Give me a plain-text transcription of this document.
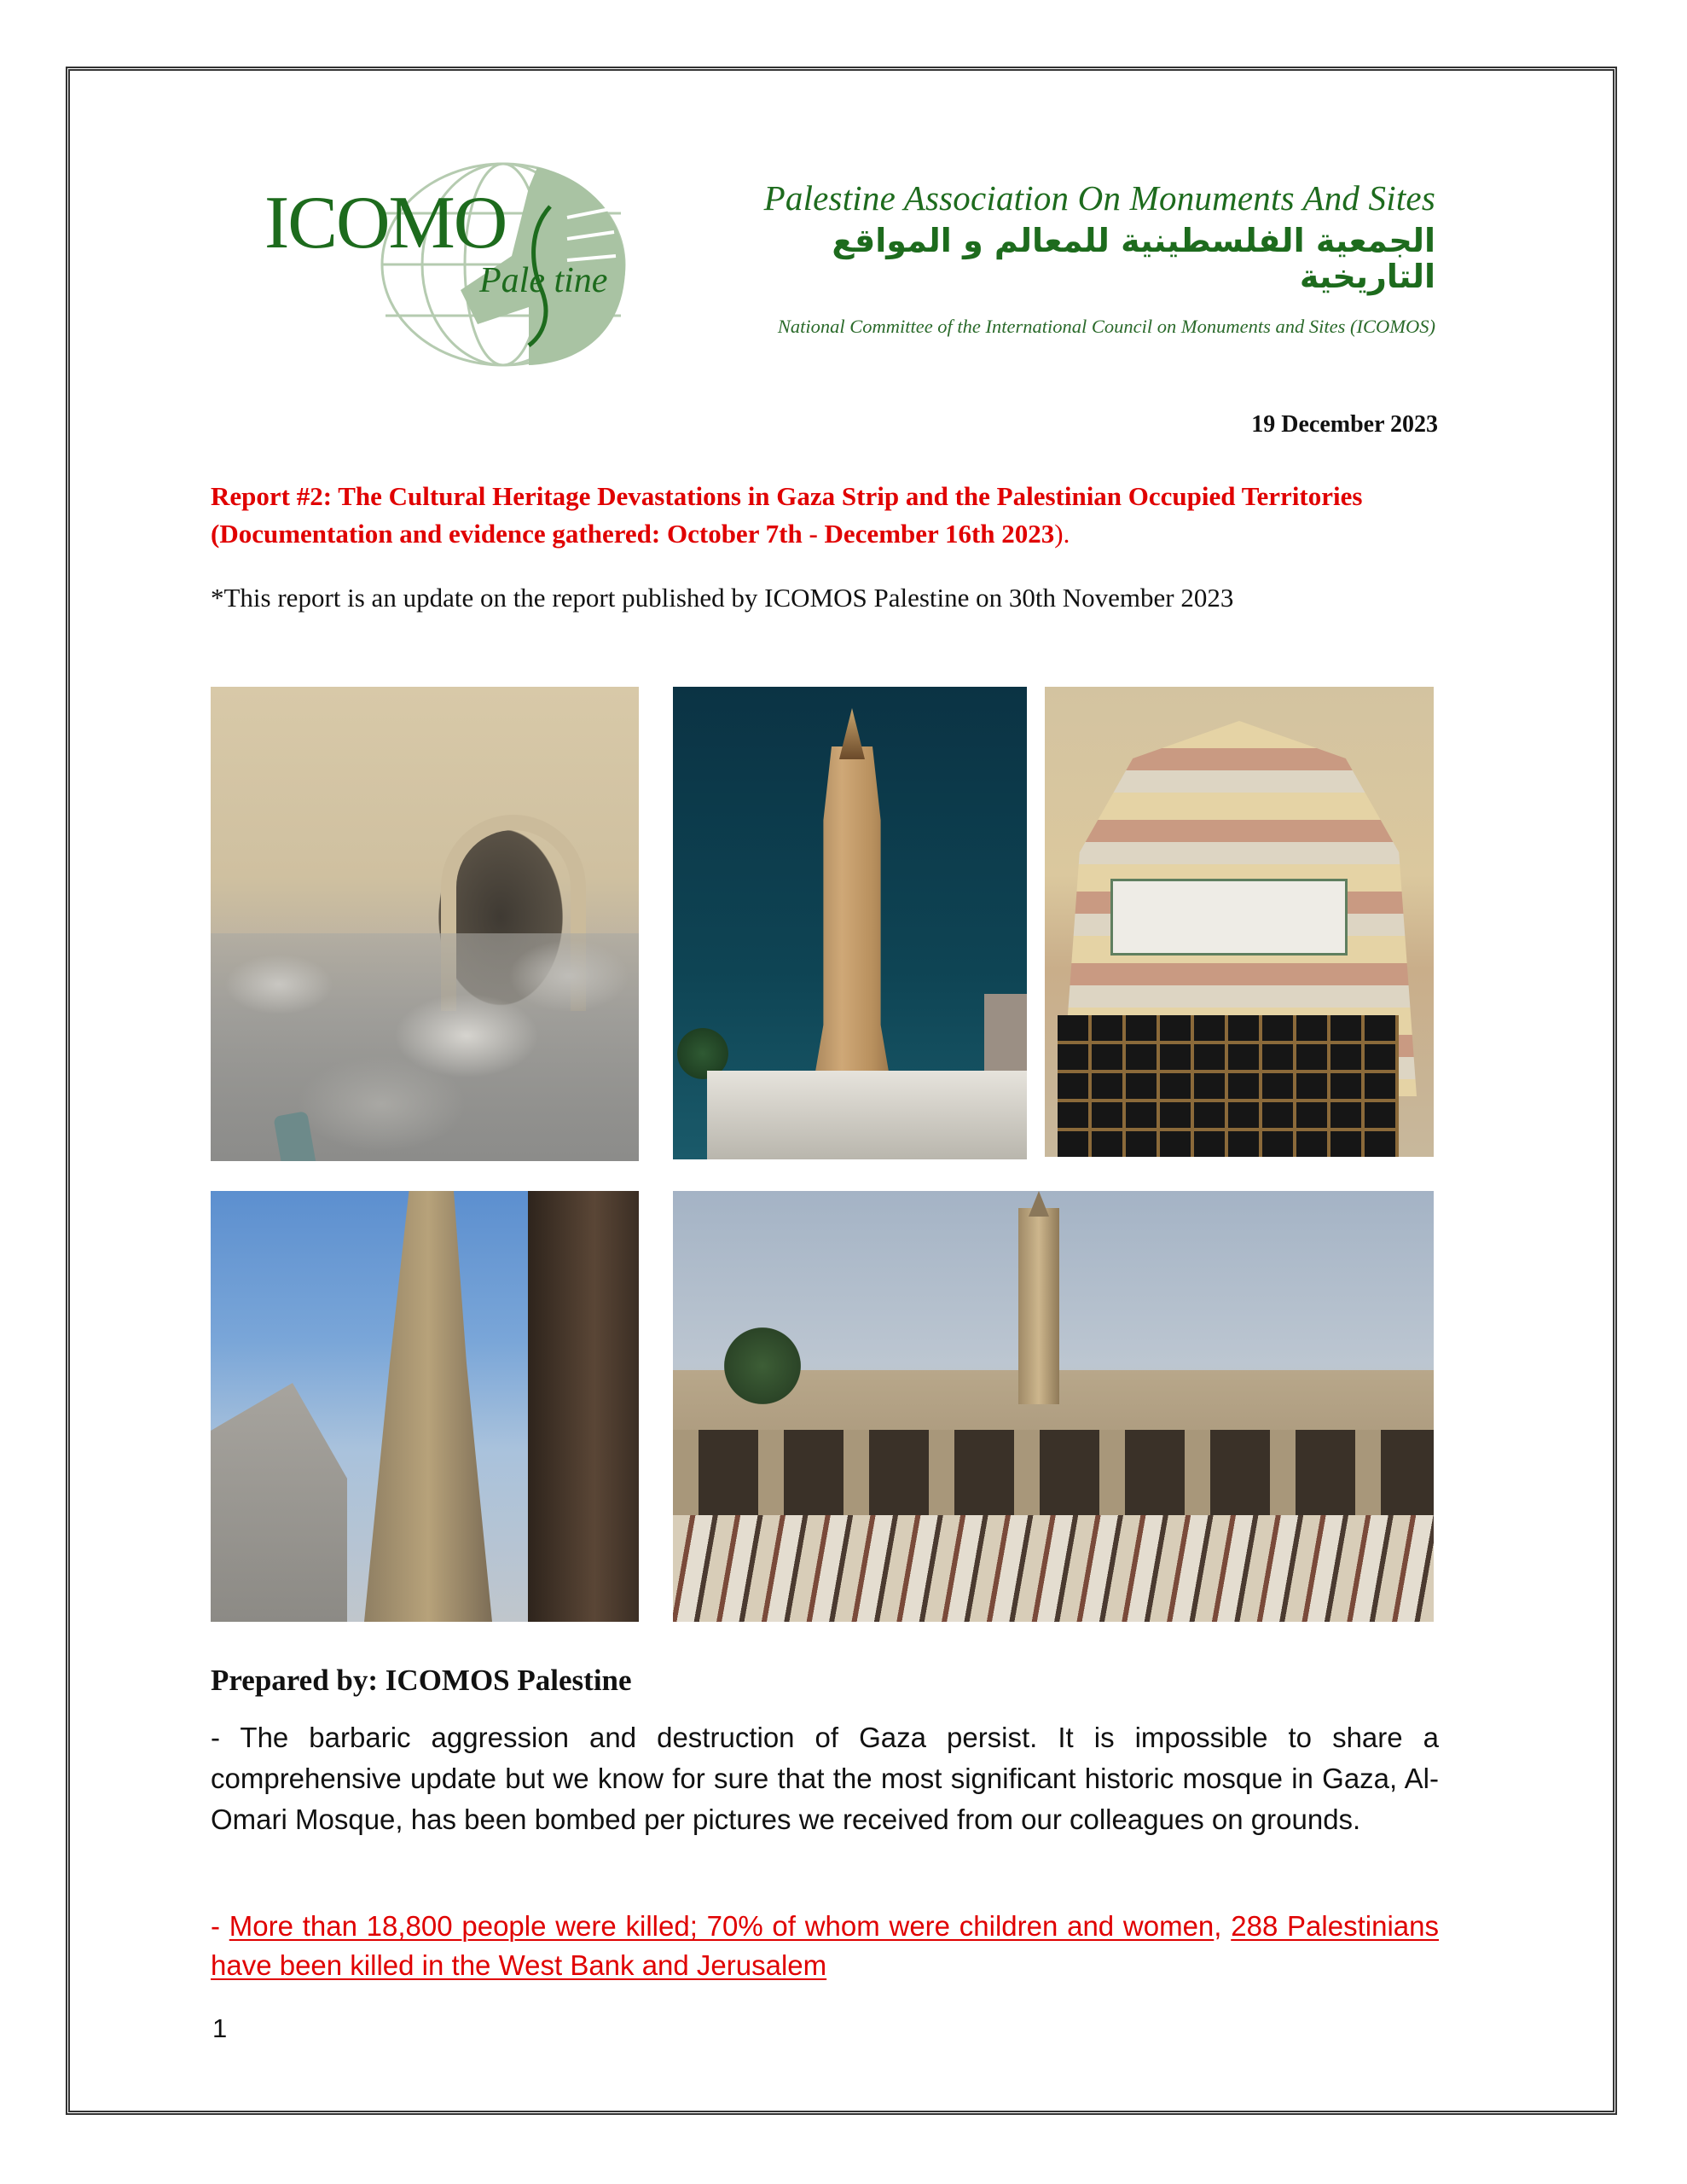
ICOMO
Pale tine
Palestine Association On Monuments And Sites
الجمعية الفلسطينية للمعالم و المواقع التاريخية
National Committee of the International Council on Monuments and Sites (ICOMOS)
19 December 2023
Report #2: The Cultural Heritage Devastations in Gaza Strip and the Palestinian Occupied Territories (Documentation and evidence gathered: October 7th - December 16th 2023).
*This report is an update on the report published by ICOMOS Palestine on 30th November 2023
Prepared by: ICOMOS Palestine
- The barbaric aggression and destruction of Gaza persist. It is impossible to share a comprehensive update but we know for sure that the most significant historic mosque in Gaza, Al-Omari Mosque, has been bombed per pictures we received from our colleagues on grounds.
- More than 18,800 people were killed; 70% of whom were children and women, 288 Palestinians have been killed in the West Bank and Jerusalem
1
